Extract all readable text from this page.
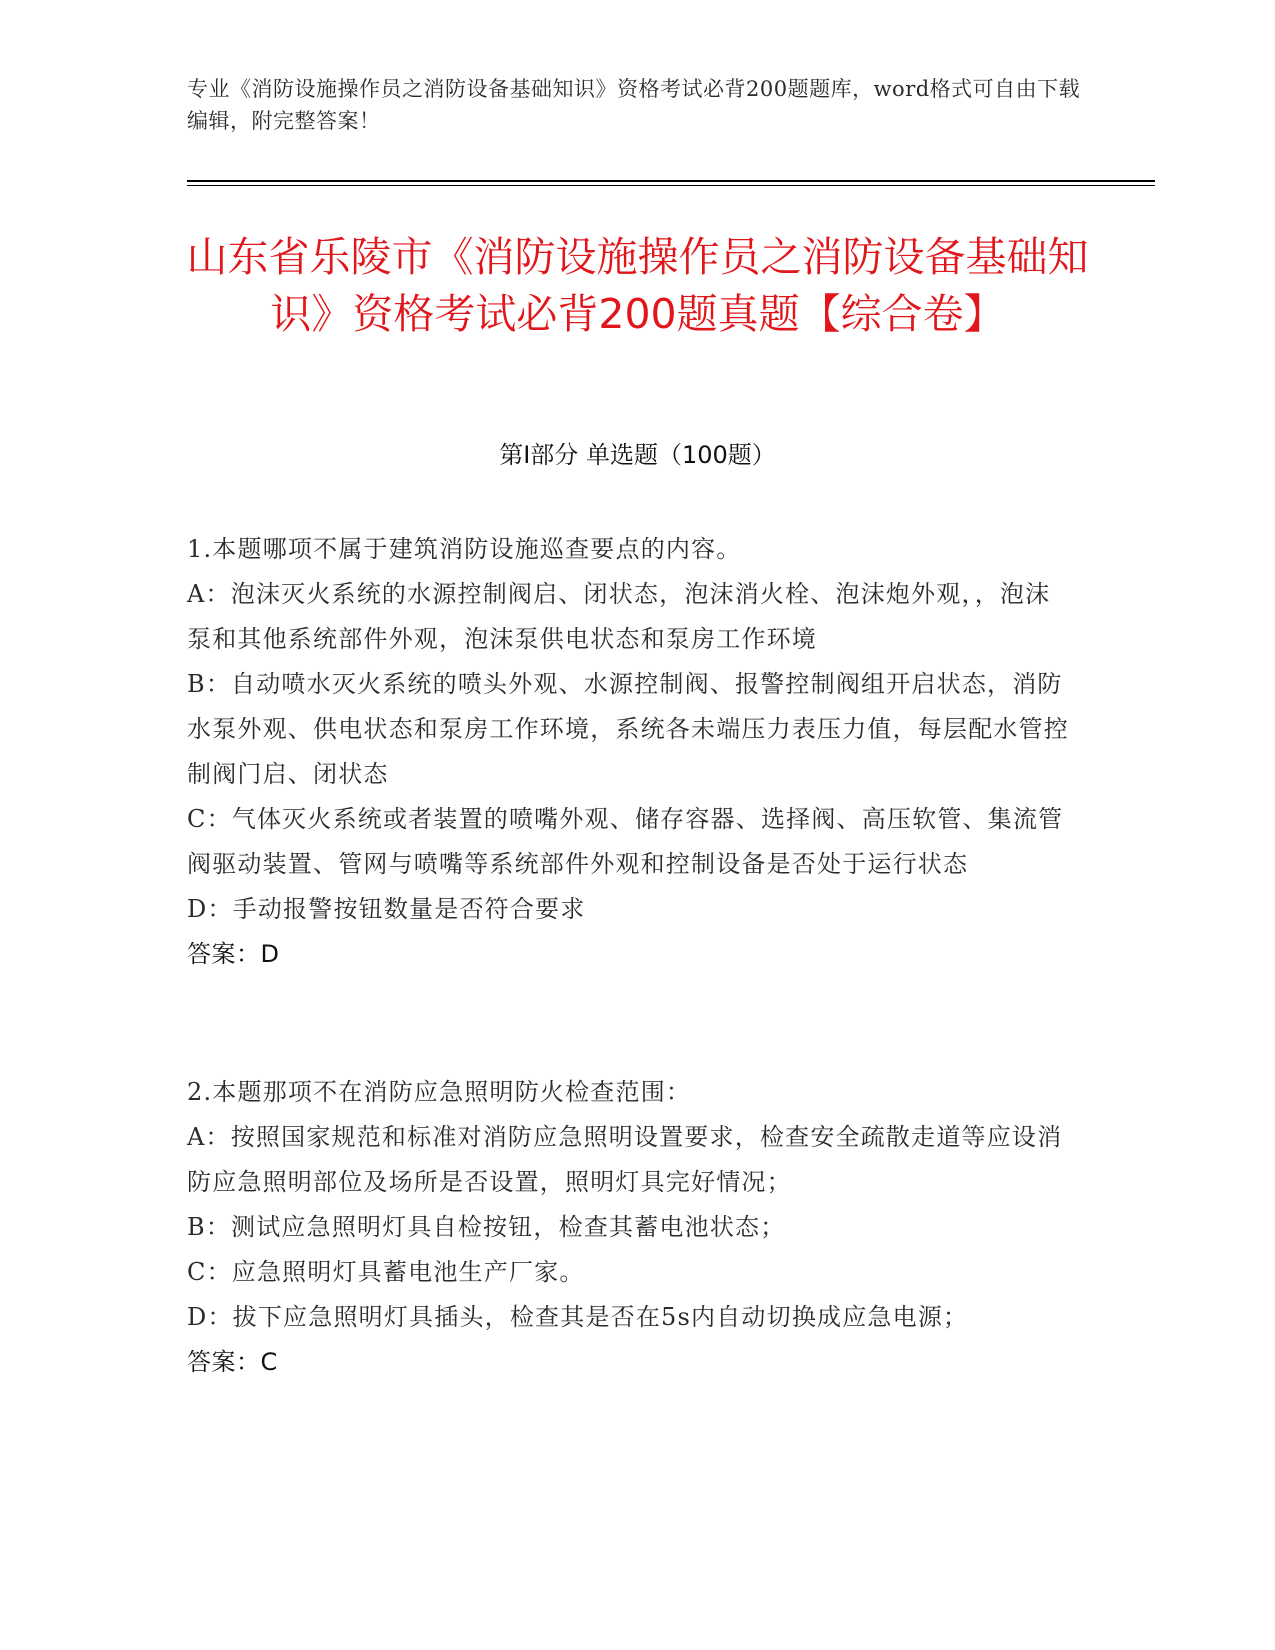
专业《消防设施操作员之消防设备基础知识》资格考试必背200题题库，word格式可自由下载编辑，附完整答案！
山东省乐陵市《消防设施操作员之消防设备基础知识》资格考试必背200题真题【综合卷】
第I部分 单选题（100题）

1.本题哪项不属于建筑消防设施巡查要点的内容。

A：泡沫灭火系统的水源控制阀启、闭状态，泡沫消火栓、泡沫炮外观，，泡沫泵和其他系统部件外观，泡沫泵供电状态和泵房工作环境

B：自动喷水灭火系统的喷头外观、水源控制阀、报警控制阀组开启状态，消防水泵外观、供电状态和泵房工作环境，系统各未端压力表压力值，每层配水管控制阀门启、闭状态

C：气体灭火系统或者装置的喷嘴外观、储存容器、选择阀、高压软管、集流管阀驱动装置、管网与喷嘴等系统部件外观和控制设备是否处于运行状态

D：手动报警按钮数量是否符合要求

答案：D

2.本题那项不在消防应急照明防火检查范围：

A：按照国家规范和标准对消防应急照明设置要求，检查安全疏散走道等应设消防应急照明部位及场所是否设置，照明灯具完好情况；

B：测试应急照明灯具自检按钮，检查其蓄电池状态；

C：应急照明灯具蓄电池生产厂家。

D：拔下应急照明灯具插头，检查其是否在5s内自动切换成应急电源；

答案：C
